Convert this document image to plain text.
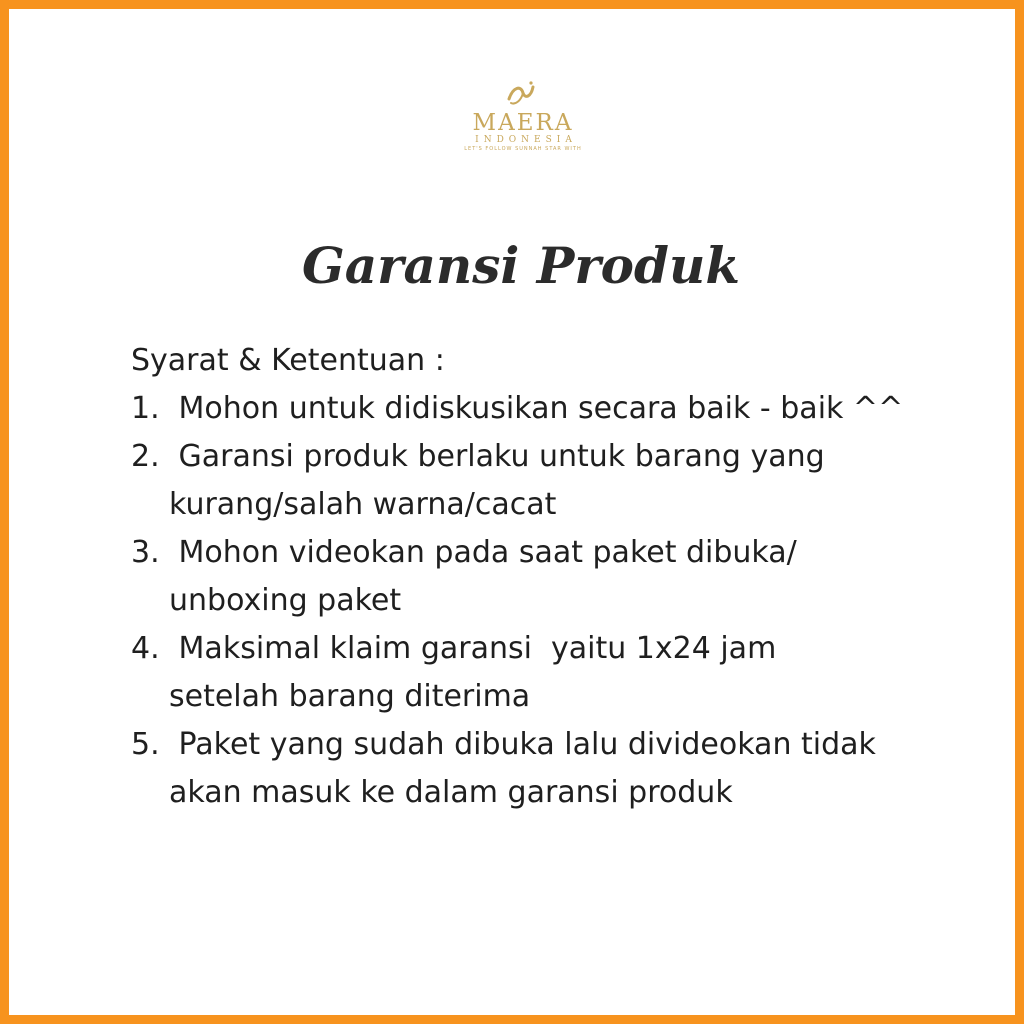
MAERA
INDONESIA
LET'S FOLLOW SUNNAH STAR WITH
Garansi Produk
Syarat & Ketentuan :
1. Mohon untuk didiskusikan secara baik - baik ^^
2. Garansi produk berlaku untuk barang yang
kurang/salah warna/cacat
3. Mohon videokan pada saat paket dibuka/
unboxing paket
4. Maksimal klaim garansi  yaitu 1x24 jam
setelah barang diterima
5. Paket yang sudah dibuka lalu divideokan tidak
akan masuk ke dalam garansi produk
